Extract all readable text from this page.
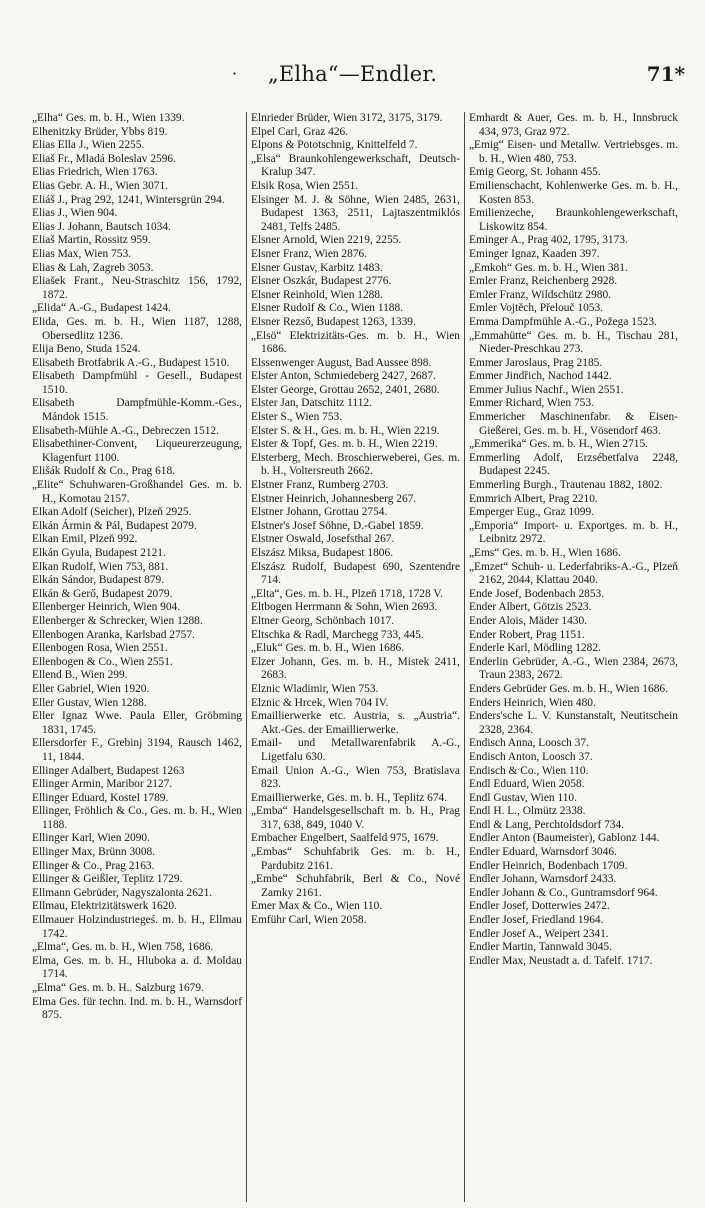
·	„Elha“—Endler.	71*
„Elha“ Ges. m. b. H., Wien 1339.
Elhenitzky Brüder, Ybbs 819.
Elias Ella J., Wien 2255.
Eliaš Fr., Mladá Boleslav 2596.
Elias Friedrich, Wien 1763.
Elias Gebr. A. H., Wien 3071.
Eliáš J., Prag 292, 1241, Wintersgrün 294.
Elias J., Wien 904.
Elias J. Johann, Bautsch 1034.
Eliaš Martin, Rossitz 959.
Elias Max, Wien 753.
Elias & Lah, Zagreb 3053.
Eliašek Frant., Neu-Straschitz 156, 1792, 1872.
„Elida“ A.-G., Budapest 1424.
Elida, Ges. m. b. H., Wien 1187, 1288, Obersedlitz 1236.
Elija Beno, Studa 1524.
Elisabeth Brotfabrik A.-G., Budapest 1510.
Elisabeth Dampfmühl - Gesell., Budapest 1510.
Elisabeth Dampfmühle-Komm.-Ges., Mándok 1515.
Elisabeth-Mühle A.-G., Debreczen 1512.
Elisabethiner-Convent, Liqueurerzeugung, Klagenfurt 1100.
Elišák Rudolf & Co., Prag 618.
„Elite“ Schuhwaren-Großhandel Ges. m. b. H., Komotau 2157.
Elkan Adolf (Seicher), Plzeň 2925.
Elkán Ármin & Pál, Budapest 2079.
Elkan Emil, Plzeň 992.
Elkán Gyula, Budapest 2121.
Elkan Rudolf, Wien 753, 881.
Elkán Sándor, Budapest 879.
Elkán & Gerő, Budapest 2079.
Ellenberger Heinrich, Wien 904.
Ellenberger & Schrecker, Wien 1288.
Ellenbogen Aranka, Karlsbad 2757.
Ellenbogen Rosa, Wien 2551.
Ellenbogen & Co., Wien 2551.
Ellend B., Wien 299.
Eller Gabriel, Wien 1920.
Eller Gustav, Wien 1288.
Eller Ignaz Wwe. Paula Eller, Gröbming 1831, 1745.
Ellersdorfer F., Grebinj 3194, Rausch 1462, 11, 1844.
Ellinger Adalbert, Budapest 1263
Ellinger Armin, Maribor 2127.
Ellinger Eduard, Kostel 1789.
Ellinger, Fröhlich & Co., Ges. m. b. H., Wien 1188.
Ellinger Karl, Wien 2090.
Ellinger Max, Brünn 3008.
Ellinger & Co., Prag 2163.
Ellinger & Geißler, Teplitz 1729.
Ellmann Gebrüder, Nagyszalonta 2621.
Ellmau, Elektrizitätswerk 1620.
Ellmauer Holzindustriegeś. m. b. H., Ellmau 1742.
„Elma“, Ges. m. b. H., Wien 758, 1686.
Elma, Ges. m. b. H., Hluboka a. d. Moldau 1714.
„Elma“ Ges. m. b. H.. Salzburg 1679.
Elma Ges. für techn. Ind. m. b. H., Warnsdorf 875.
Elnrieder Brüder, Wien 3172, 3175, 3179.
Elpel Carl, Graz 426.
Elpons & Pototschnig, Knittelfeld 7.
„Elsa“ Braunkohlengewerkschaft, Deutsch-Kralup 347.
Elsik Rosa, Wien 2551.
Elsinger M. J. & Söhne, Wien 2485, 2631, Budapest 1363, 2511, Lajtaszentmiklós 2481, Telfs 2485.
Elsner Arnold, Wien 2219, 2255.
Elsner Franz, Wien 2876.
Elsner Gustav, Karbitz 1483.
Elsner Oszkár, Budapest 2776.
Elsner Reinhold, Wien 1288.
Elsner Rudolf & Co., Wien 1188.
Elsner Rezső, Budapest 1263, 1339.
„Elsö“ Elektrizitäts-Ges. m. b. H., Wien 1686.
Elssenwenger August, Bad Aussee 898.
Elster Anton, Schmiedeberg 2427, 2687.
Elster George, Grottau 2652, 2401, 2680.
Elster Jan, Datschitz 1112.
Elster S., Wien 753.
Elster S. & H., Ges. m. b. H., Wien 2219.
Elster & Topf, Ges. m. b. H., Wien 2219.
Elsterberg, Mech. Broschierweberei, Ges. m. b. H., Voltersreuth 2662.
Elstner Franz, Rumberg 2703.
Elstner Heinrich, Johannesberg 267.
Elstner Johann, Grottau 2754.
Elstner's Josef Söhne, D.-Gabel 1859.
Elstner Oswald, Josefsthal 267.
Elszász Miksa, Budapest 1806.
Elszász Rudolf, Budapest 690, Szentendre 714.
„Elta“, Ges. m. b. H., Plzeň 1718, 1728 V.
Eltbogen Herrmann & Sohn, Wien 2693.
Eltner Georg, Schönbach 1017.
Eltschka & Radl, Marchegg 733, 445.
„Eluk“ Ges. m. b. H., Wien 1686.
Elzer Johann, Ges. m. b. H., Mistek 2411, 2683.
Elznic Wladimir, Wien 753.
Elznic & Hrcek, Wien 704 IV.
Emaillierwerke etc. Austria, s. „Austria“. Akt.-Ges. der Emaillierwerke.
Email- und Metallwarenfabrik A.-G., Ligetfalu 630.
Email Union A.-G., Wien 753, Bratislava 823.
Emaillierwerke, Ges. m. b. H., Teplitz 674.
„Emba“ Handelsgesellschaft m. b. H., Prag 317, 638, 849, 1040 V.
Embacher Engelbert, Saalfeld 975, 1679.
„Embas“ Schuhfabrik Ges. m. b. H., Pardubitz 2161.
„Embe“ Schuhfabrik, Berl & Co., Nové Zamky 2161.
Emer Max & Co., Wien 110.
Emführ Carl, Wien 2058.
Emhardt & Auer, Ges. m. b. H., Innsbruck 434, 973, Graz 972.
„Emig“ Eisen- und Metallw. Vertriebsges. m. b. H., Wien 480, 753.
Emig Georg, St. Johann 455.
Emilienschacht, Kohlenwerke Ges. m. b. H., Kosten 853.
Emilienzeche, Braunkohlengewerkschaft, Liskowitz 854.
Eminger A., Prag 402, 1795, 3173.
Eminger Ignaz, Kaaden 397.
„Emkoh“ Ges. m. b. H., Wien 381.
Emler Franz, Reichenberg 2928.
Emler Franz, Wildschütz 2980.
Emler Vojtěch, Přelouč 1053.
Emma Dampfmühle A.-G., Požega 1523.
„Emmahütte“ Ges. m. b. H., Tischau 281, Nieder-Preschkau 273.
Emmer Jaroslaus, Prag 2185.
Emmer Jindřich, Nachod 1442.
Emmer Julius Nachf., Wien 2551.
Emmer Richard, Wien 753.
Emmericher Maschinenfabr. & Eisen-Gießerei, Ges. m. b. H., Vösendorf 463.
„Emmerika“ Ges. m. b. H., Wien 2715.
Emmerling Adolf, Erzsébetfalva 2248, Budapest 2245.
Emmerling Burgh., Trautenau 1882, 1802.
Emmrich Albert, Prag 2210.
Emperger Eug., Graz 1099.
„Emporia“ Import- u. Exportges. m. b. H., Leibnitz 2972.
„Ems“ Ges. m. b. H., Wien 1686.
„Emzet“ Schuh- u. Lederfabriks-A.-G., Plzeň 2162, 2044, Klattau 2040.
Ende Josef, Bodenbach 2853.
Ender Albert, Götzis 2523.
Ender Alois, Mäder 1430.
Ender Robert, Prag 1151.
Enderle Karl, Mödling 1282.
Enderlin Gebrüder, A.-G., Wien 2384, 2673, Traun 2383, 2672.
Enders Gebrüder Ges. m. b. H., Wien 1686.
Enders Heinrich, Wien 480.
Enders'sche L. V. Kunstanstalt, Neutitschein 2328, 2364.
Endisch Anna, Loosch 37.
Endisch Anton, Loosch 37.
Endisch & Co., Wien 110.
Endl Eduard, Wien 2058.
Endl Gustav, Wien 110.
Endl H. L., Olmütz 2338.
Endl & Lang, Perchtoldsdorf 734.
Endler Anton (Baumeister), Gablonz 144.
Endler Eduard, Warnsdorf 3046.
Endler Heinrich, Bodenbach 1709.
Endler Johann, Warnsdorf 2433.
Endler Johann & Co., Guntramsdorf 964.
Endler Josef, Dotterwies 2472.
Endler Josef, Friedland 1964.
Endler Josef A., Weipert 2341.
Endler Martin, Tannwald 3045.
Endler Max, Neustadt a. d. Tafelf. 1717.
